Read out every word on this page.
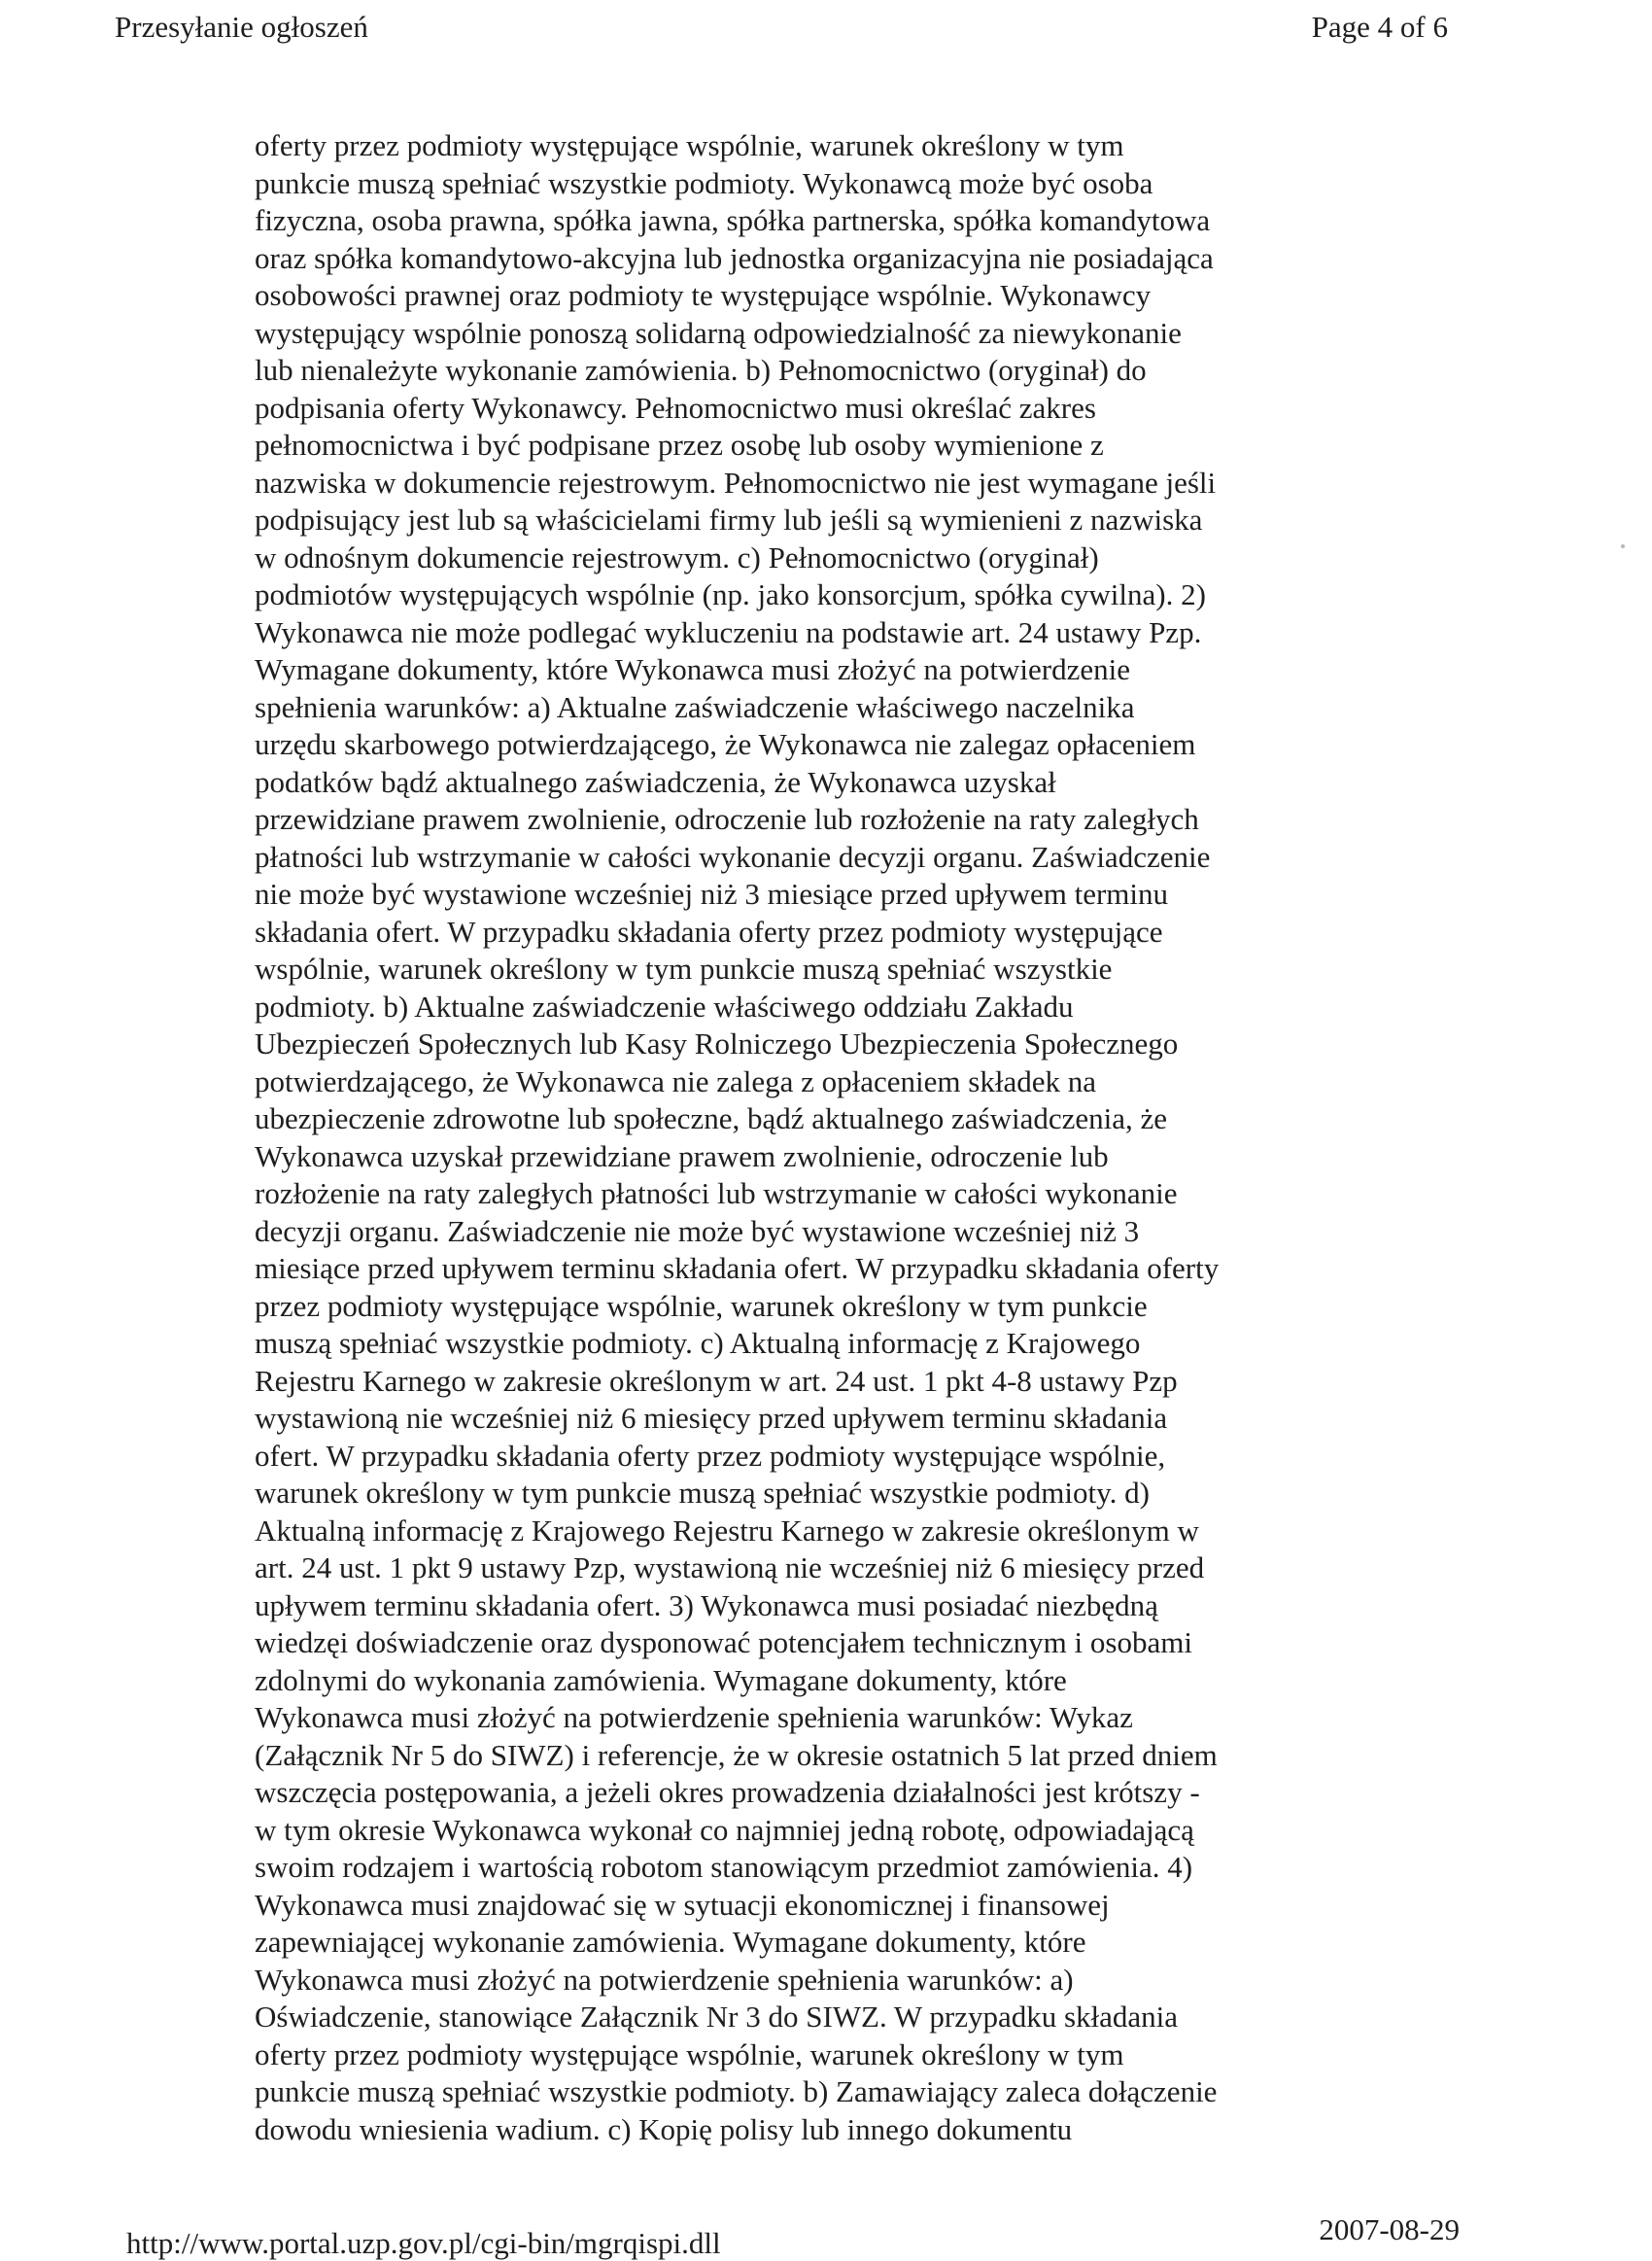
Przesyłanie ogłoszeń	Page 4 of 6
oferty przez podmioty występujące wspólnie, warunek określony w tym
punkcie muszą spełniać wszystkie podmioty. Wykonawcą może być osoba
fizyczna, osoba prawna, spółka jawna, spółka partnerska, spółka komandytowa
oraz spółka komandytowo-akcyjna lub jednostka organizacyjna nie posiadająca
osobowości prawnej oraz podmioty te występujące wspólnie. Wykonawcy
występujący wspólnie ponoszą solidarną odpowiedzialność za niewykonanie
lub nienależyte wykonanie zamówienia. b) Pełnomocnictwo (oryginał) do
podpisania oferty Wykonawcy. Pełnomocnictwo musi określać zakres
pełnomocnictwa i być podpisane przez osobę lub osoby wymienione z
nazwiska w dokumencie rejestrowym. Pełnomocnictwo nie jest wymagane jeśli
podpisujący jest lub są właścicielami firmy lub jeśli są wymienieni z nazwiska
w odnośnym dokumencie rejestrowym. c) Pełnomocnictwo (oryginał)
podmiotów występujących wspólnie (np. jako konsorcjum, spółka cywilna). 2)
Wykonawca nie może podlegać wykluczeniu na podstawie art. 24 ustawy Pzp.
Wymagane dokumenty, które Wykonawca musi złożyć na potwierdzenie
spełnienia warunków: a) Aktualne zaświadczenie właściwego naczelnika
urzędu skarbowego potwierdzającego, że Wykonawca nie zalegaz opłaceniem
podatków bądź aktualnego zaświadczenia, że Wykonawca uzyskał
przewidziane prawem zwolnienie, odroczenie lub rozłożenie na raty zaległych
płatności lub wstrzymanie w całości wykonanie decyzji organu. Zaświadczenie
nie może być wystawione wcześniej niż 3 miesiące przed upływem terminu
składania ofert. W przypadku składania oferty przez podmioty występujące
wspólnie, warunek określony w tym punkcie muszą spełniać wszystkie
podmioty. b) Aktualne zaświadczenie właściwego oddziału Zakładu
Ubezpieczeń Społecznych lub Kasy Rolniczego Ubezpieczenia Społecznego
potwierdzającego, że Wykonawca nie zalega z opłaceniem składek na
ubezpieczenie zdrowotne lub społeczne, bądź aktualnego zaświadczenia, że
Wykonawca uzyskał przewidziane prawem zwolnienie, odroczenie lub
rozłożenie na raty zaległych płatności lub wstrzymanie w całości wykonanie
decyzji organu. Zaświadczenie nie może być wystawione wcześniej niż 3
miesiące przed upływem terminu składania ofert. W przypadku składania oferty
przez podmioty występujące wspólnie, warunek określony w tym punkcie
muszą spełniać wszystkie podmioty. c) Aktualną informację z Krajowego
Rejestru Karnego w zakresie określonym w art. 24 ust. 1 pkt 4-8 ustawy Pzp
wystawioną nie wcześniej niż 6 miesięcy przed upływem terminu składania
ofert. W przypadku składania oferty przez podmioty występujące wspólnie,
warunek określony w tym punkcie muszą spełniać wszystkie podmioty. d)
Aktualną informację z Krajowego Rejestru Karnego w zakresie określonym w
art. 24 ust. 1 pkt 9 ustawy Pzp, wystawioną nie wcześniej niż 6 miesięcy przed
upływem terminu składania ofert. 3) Wykonawca musi posiadać niezbędną
wiedzęi doświadczenie oraz dysponować potencjałem technicznym i osobami
zdolnymi do wykonania zamówienia. Wymagane dokumenty, które
Wykonawca musi złożyć na potwierdzenie spełnienia warunków: Wykaz
(Załącznik Nr 5 do SIWZ) i referencje, że w okresie ostatnich 5 lat przed dniem
wszczęcia postępowania, a jeżeli okres prowadzenia działalności jest krótszy -
w tym okresie Wykonawca wykonał co najmniej jedną robotę, odpowiadającą
swoim rodzajem i wartością robotom stanowiącym przedmiot zamówienia. 4)
Wykonawca musi znajdować się w sytuacji ekonomicznej i finansowej
zapewniającej wykonanie zamówienia. Wymagane dokumenty, które
Wykonawca musi złożyć na potwierdzenie spełnienia warunków: a)
Oświadczenie, stanowiące Załącznik Nr 3 do SIWZ. W przypadku składania
oferty przez podmioty występujące wspólnie, warunek określony w tym
punkcie muszą spełniać wszystkie podmioty. b) Zamawiający zaleca dołączenie
dowodu wniesienia wadium. c) Kopię polisy lub innego dokumentu
http://www.portal.uzp.gov.pl/cgi-bin/mgrqispi.dll	2007-08-29
